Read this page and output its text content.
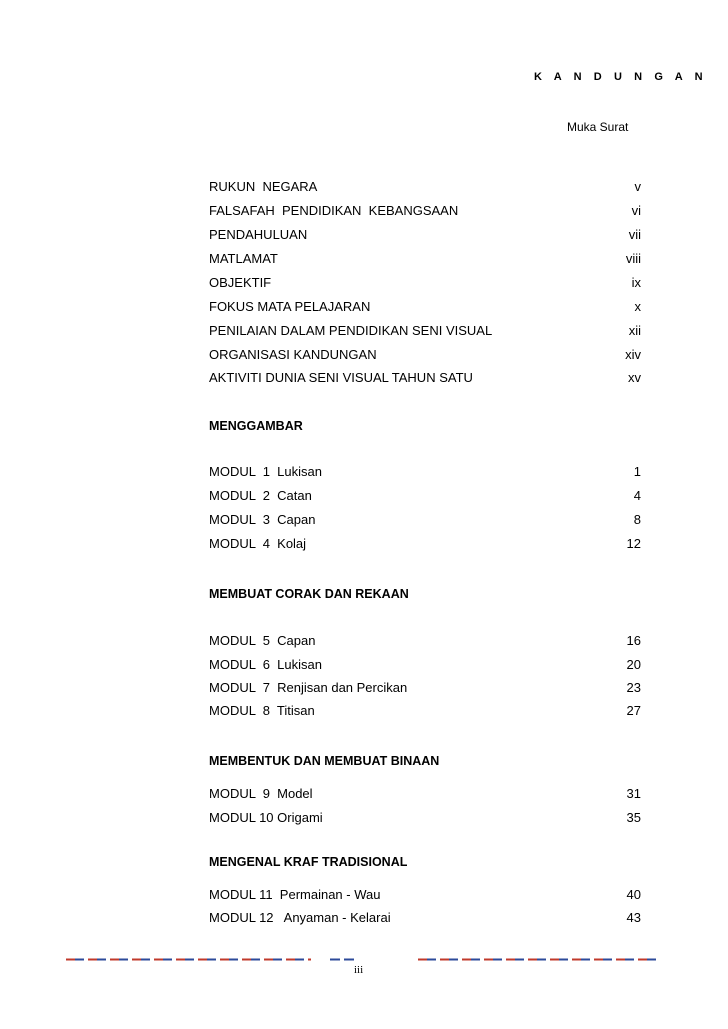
K A N D U N G A N
Muka Surat
RUKUN  NEGARA	v
FALSAFAH  PENDIDIKAN  KEBANGSAAN	vi
PENDAHULUAN	vii
MATLAMAT	viii
OBJEKTIF	ix
FOKUS MATA PELAJARAN	x
PENILAIAN DALAM PENDIDIKAN SENI VISUAL	xii
ORGANISASI KANDUNGAN	xiv
AKTIVITI DUNIA SENI VISUAL TAHUN SATU	xv
MENGGAMBAR
MODUL  1  Lukisan	1
MODUL  2  Catan	4
MODUL  3  Capan	8
MODUL  4  Kolaj	12
MEMBUAT CORAK DAN REKAAN
MODUL  5  Capan	16
MODUL  6  Lukisan	20
MODUL  7  Renjisan dan Percikan	23
MODUL  8  Titisan	27
MEMBENTUK DAN MEMBUAT BINAAN
MODUL  9  Model	31
MODUL 10 Origami	35
MENGENAL KRAF TRADISIONAL
MODUL 11  Permainan - Wau	40
MODUL 12   Anyaman - Kelarai	43
iii
